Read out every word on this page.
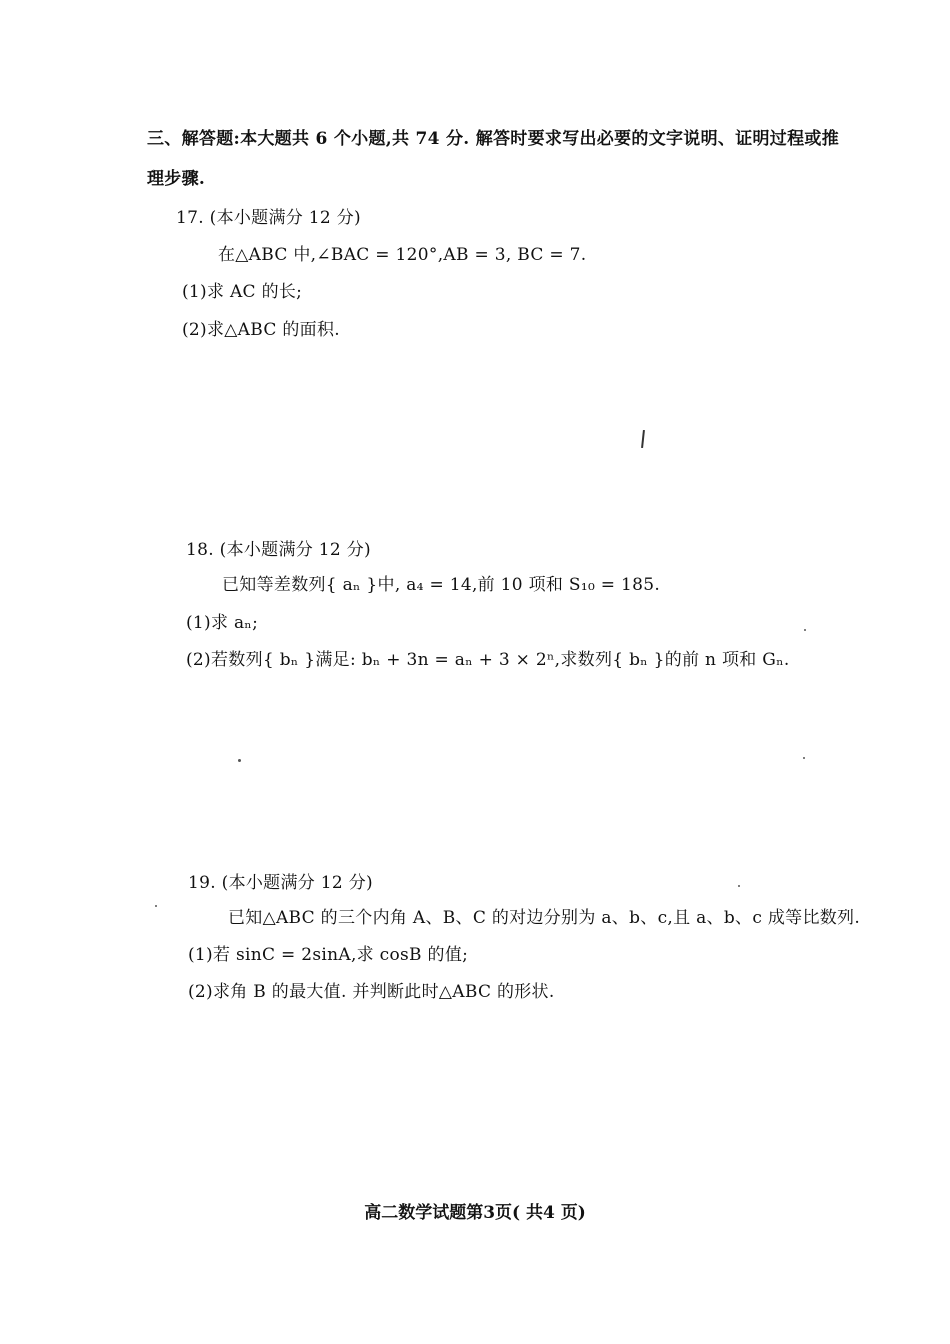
三、解答题:本大题共 6 个小题,共 74 分. 解答时要求写出必要的文字说明、证明过程或推
理步骤.
17. (本小题满分 12 分)
在△ABC 中,∠BAC = 120°,AB = 3, BC = 7.
(1)求 AC 的长;
(2)求△ABC 的面积.
18. (本小题满分 12 分)
已知等差数列{ aₙ }中, a₄ = 14,前 10 项和 S₁₀ = 185.
(1)求 aₙ;
(2)若数列{ bₙ }满足: bₙ + 3n = aₙ + 3 × 2ⁿ,求数列{ bₙ }的前 n 项和 Gₙ.
19. (本小题满分 12 分)
已知△ABC 的三个内角 A、B、C 的对边分别为 a、b、c,且 a、b、c 成等比数列.
(1)若 sinC = 2sinA,求 cosB 的值;
(2)求角 B 的最大值. 并判断此时△ABC 的形状.
高二数学试题第3页( 共4 页)
